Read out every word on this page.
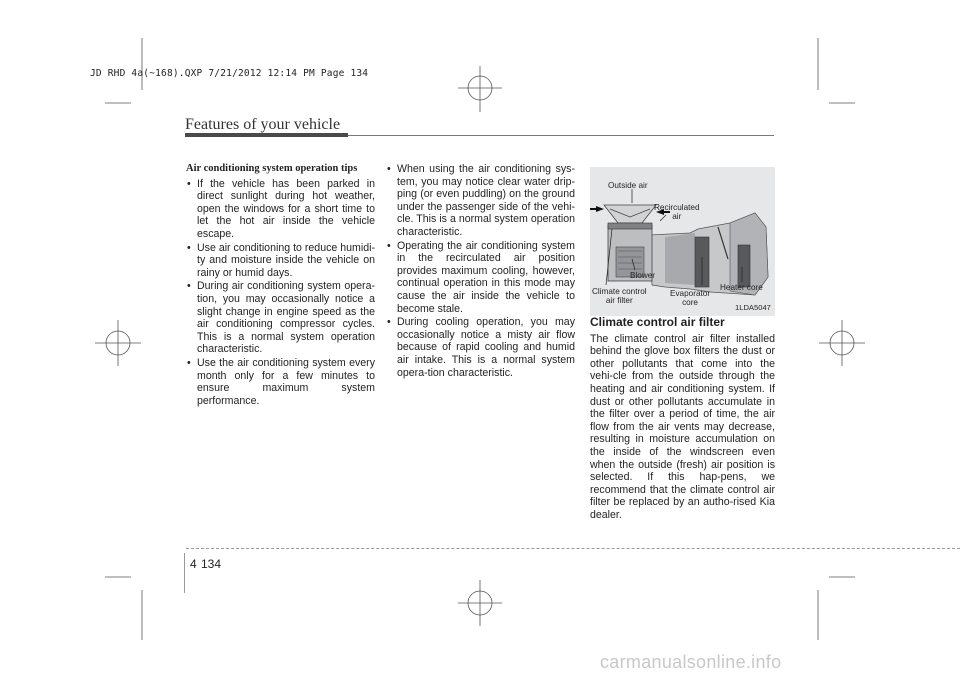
JD RHD 4a(~168).QXP 7/21/2012 12:14 PM Page 134
Features of your vehicle
Air conditioning system operation tips
• If the vehicle has been parked in direct sunlight during hot weather, open the windows for a short time to let the hot air inside the vehicle escape.
• Use air conditioning to reduce humidi-ty and moisture inside the vehicle on rainy or humid days.
• During air conditioning system opera-tion, you may occasionally notice a slight change in engine speed as the air conditioning compressor cycles. This is a normal system operation characteristic.
• Use the air conditioning system every month only for a few minutes to ensure maximum system performance.
• When using the air conditioning sys-tem, you may notice clear water drip-ping (or even puddling) on the ground under the passenger side of the vehi-cle. This is a normal system operation characteristic.
• Operating the air conditioning system in the recirculated air position provides maximum cooling, however, continual operation in this mode may cause the air inside the vehicle to become stale.
• During cooling operation, you may occasionally notice a misty air flow because of rapid cooling and humid air intake. This is a normal system opera-tion characteristic.
Outside air
Recirculated
air
Blower
Climate control
air filter
Evaporator
core
Heater core
1LDA5047
Climate control air filter

The climate control air filter installed behind the glove box filters the dust or other pollutants that come into the vehi-cle from the outside through the heating and air conditioning system. If dust or other pollutants accumulate in the filter over a period of time, the air flow from the air vents may decrease, resulting in moisture accumulation on the inside of the windscreen even when the outside (fresh) air position is selected. If this hap-pens, we recommend that the climate control air filter be replaced by an autho-rised Kia dealer.

4 134
carmanualsonline.info
